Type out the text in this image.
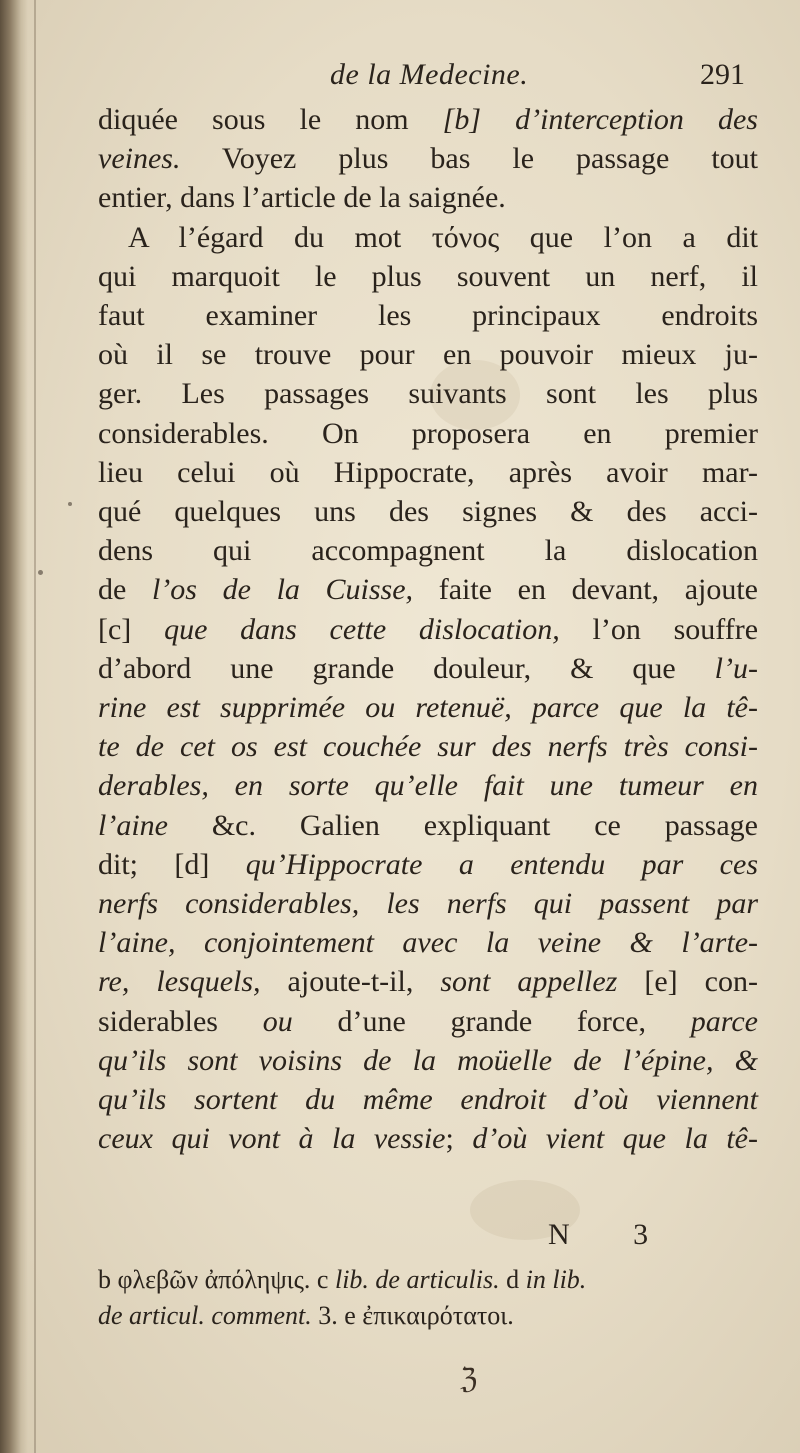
de la Medecine.	291
diquée sous le nom [b] d’interception des
veines. Voyez plus bas le passage tout
entier, dans l’article de la saignée.
A l’égard du mot τόνος que l’on a dit
qui marquoit le plus souvent un nerf, il
faut examiner les principaux endroits
où il se trouve pour en pouvoir mieux ju-
ger. Les passages suivants sont les plus
considerables. On proposera en premier
lieu celui où Hippocrate, après avoir mar-
qué quelques uns des signes & des acci-
dens qui accompagnent la dislocation
de l’os de la Cuisse, faite en devant, ajoute
[c] que dans cette dislocation, l’on souffre
d’abord une grande douleur, & que l’u-
rine est supprimée ou retenuë, parce que la tê-
te de cet os est couchée sur des nerfs très consi-
derables, en sorte qu’elle fait une tumeur en
l’aine &c. Galien expliquant ce passage
dit; [d] qu’Hippocrate a entendu par ces
nerfs considerables, les nerfs qui passent par
l’aine, conjointement avec la veine & l’arte-
re, lesquels, ajoute-t-il, sont appellez [e] con-
siderables ou d’une grande force, parce
qu’ils sont voisins de la moüelle de l’épine, &
qu’ils sortent du même endroit d’où viennent
ceux qui vont à la vessie; d’où vient que la tê-
N 3
b φλεβῶν ἀπόληψις. c lib. de articulis. d in lib.
de articul. comment. 3. e ἐπικαιρότατοι.
ℨ
